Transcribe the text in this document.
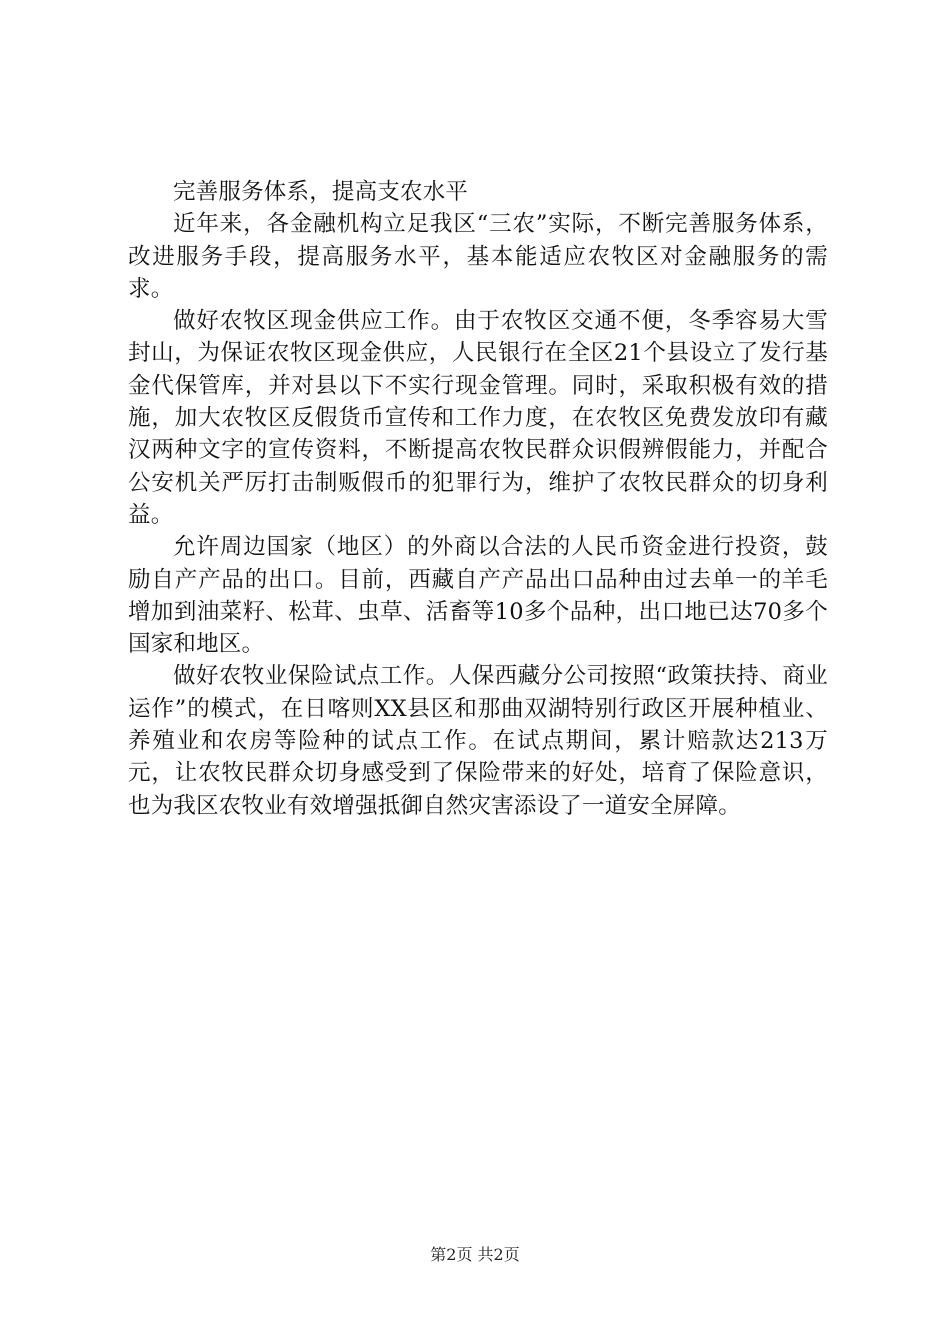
完善服务体系，提高支农水平

近年来，各金融机构立足我区“三农”实际，不断完善服务体系，改进服务手段，提高服务水平，基本能适应农牧区对金融服务的需求。

做好农牧区现金供应工作。由于农牧区交通不便，冬季容易大雪封山，为保证农牧区现金供应，人民银行在全区21个县设立了发行基金代保管库，并对县以下不实行现金管理。同时，采取积极有效的措施，加大农牧区反假货币宣传和工作力度，在农牧区免费发放印有藏汉两种文字的宣传资料，不断提高农牧民群众识假辨假能力，并配合公安机关严厉打击制贩假币的犯罪行为，维护了农牧民群众的切身利益。

允许周边国家（地区）的外商以合法的人民币资金进行投资，鼓励自产产品的出口。目前，西藏自产产品出口品种由过去单一的羊毛增加到油菜籽、松茸、虫草、活畜等10多个品种，出口地已达70多个国家和地区。

做好农牧业保险试点工作。人保西藏分公司按照“政策扶持、商业运作”的模式，在日喀则XX县区和那曲双湖特别行政区开展种植业、养殖业和农房等险种的试点工作。在试点期间，累计赔款达213万元，让农牧民群众切身感受到了保险带来的好处，培育了保险意识，也为我区农牧业有效增强抵御自然灾害添设了一道安全屏障。

第2页 共2页
